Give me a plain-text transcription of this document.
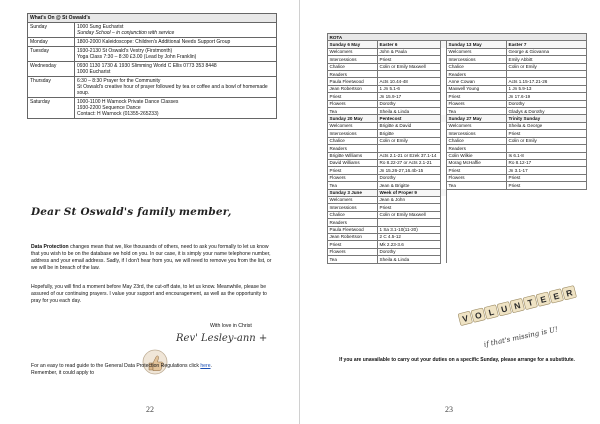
What's On @ St Oswald's	
Sunday	1000 Sung Eucharist
Sunday School – in conjunction with service

Monday	1800-2000 Kaleidoscope: Children's Additional Needs Support Group

Tuesday	1930-2130 St Oswald's Vestry (Firstmonth)
Yoga Class 7:30 – 8:30 £3.00 (Lead by John Franklin)

Wednesday	0930 1130 1730 & 1930 Slimming World C Ellis 0773 353 8448
1000 Eucharist

Thursday	6:30 – 8:30 Prayer for the Community
St Oswald's creative hour of prayer followed by tea or coffee and a bowl of homemade soup.

Saturday	1000-1100 H Warnock Private Dance Classes
1930-2200 Sequence Dance
Contact: H Warnock (01355-265233)
Dear St Oswald's family member,
Data Protection changes mean that we, like thousands of others, need to ask you formally to let us know that you wish to be on the database we hold on you. In our case, it is simply your name telephone number, address and your email address. Sadly, if I don't hear from you, we will need to remove you from the list, or we will be in breach of the law.
Hopefully, you will find a moment before May 23rd, the cut-off date, to let us know. Meanwhile, please be assured of our continuing prayers. I value your support and encouragement, as well as the opportunity to pray for you each day.
With love in Christ
Rev' Lesley-ann +
For an easy to read guide to the General Data Protection Regulations click here. Remember, it could apply to
22
ROTA				
Sunday 6 May	Easter 6		Sunday 13 May	Easter 7
Welcomers	John & Paula		Welcomers	George & Giovanna
Intercessions	Priest		Intercessions	Emily Abbitt
Chalice	Colin or Emily Maxwell		Chalice	Colin or Emily
Readers			Readers	
Paula Fleetwood	Acts 10.44-48		Anne Cowan	Acts 1.15-17.21-26
Jean Robertson	1 Jn 5.1-6		Maxwell Young	1 Jn 5.9-13
Priest	Jn 15.9-17		Priest	Jn 17.6-19
Flowers	Dorothy		Flowers	Dorothy
Tea	Sheila & Linda		Tea	Gladys & Dorothy
Sunday 20 May	Pentecost		Sunday 27 May	Trinity Sunday
Welcomers	Brigitte & David		Welcomers	Sheila & George
Intercessions	Brigitte		Intercessions	Priest
Chalice	Colin or Emily		Chalice	Colin or Emily
Readers			Readers	
Brigitte Williams	Acts 2.1-21 or Ezek 37.1-14		Colin Wilkie	Is 6.1-8
David Williams	Ro 8.22-27 or Acts 2.1-21		Morag McHaffie	Ro 8.12-17
Priest	Jn 15.26-27,16.4b-15		Priest	Jn 3.1-17
Flowers	Dorothy		Flowers	Priest
Tea	Jean & Brigitte		Tea	Priest
Sunday 3 June	Week of Proper 9			
Welcomers	Jean & John			
Intercessions	Priest			
Chalice	Colin or Emily Maxwell			
Readers				
Paula Fleetwood	1 Sa 3.1-10(11-20)			
Jean Robertson	2 C 4.5-12			
Priest	Mk 2.23-3.6			
Flowers	Dorothy			
Tea	Sheila & Linda			
If you are unavailable to carry out your duties on a specific Sunday, please arrange for a substitute.
V O L U N T E E R
if that's missing is U!
23
